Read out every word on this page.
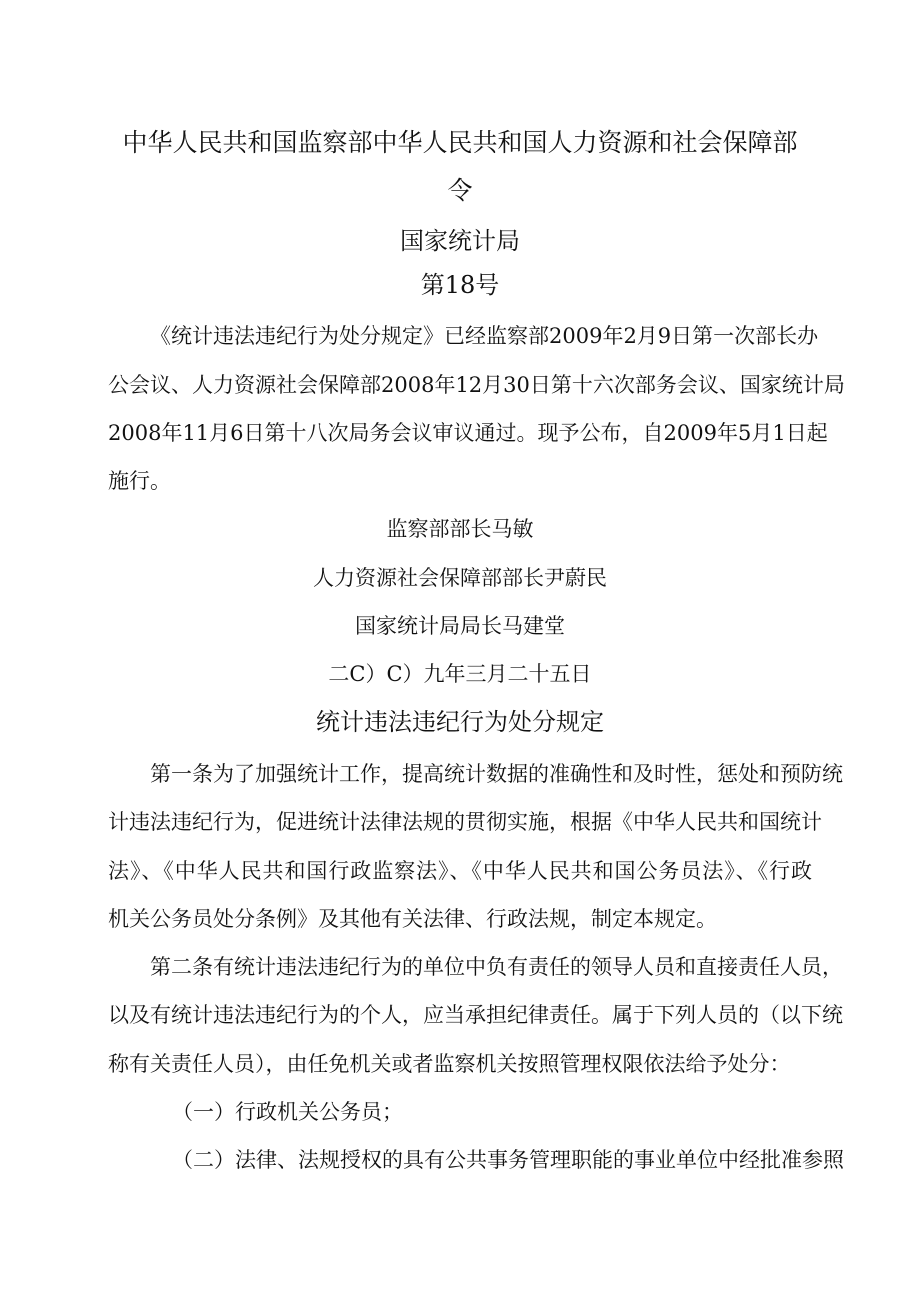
中华人民共和国监察部中华人民共和国人力资源和社会保障部
令
国家统计局
第18号
《统计违法违纪行为处分规定》已经监察部2009年2月9日第一次部长办
公会议、人力资源社会保障部2008年12月30日第十六次部务会议、国家统计局
2008年11月6日第十八次局务会议审议通过。现予公布，自2009年5月1日起
施行。
监察部部长马敏
人力资源社会保障部部长尹蔚民
国家统计局局长马建堂
二C）C）九年三月二十五日
统计违法违纪行为处分规定
第一条为了加强统计工作，提高统计数据的准确性和及时性，惩处和预防统
计违法违纪行为，促进统计法律法规的贯彻实施，根据《中华人民共和国统计
法》、《中华人民共和国行政监察法》、《中华人民共和国公务员法》、《行政
机关公务员处分条例》及其他有关法律、行政法规，制定本规定。
第二条有统计违法违纪行为的单位中负有责任的领导人员和直接责任人员，
以及有统计违法违纪行为的个人，应当承担纪律责任。属于下列人员的（以下统
称有关责任人员），由任免机关或者监察机关按照管理权限依法给予处分：
（一）行政机关公务员；
（二）法律、法规授权的具有公共事务管理职能的事业单位中经批准参照
